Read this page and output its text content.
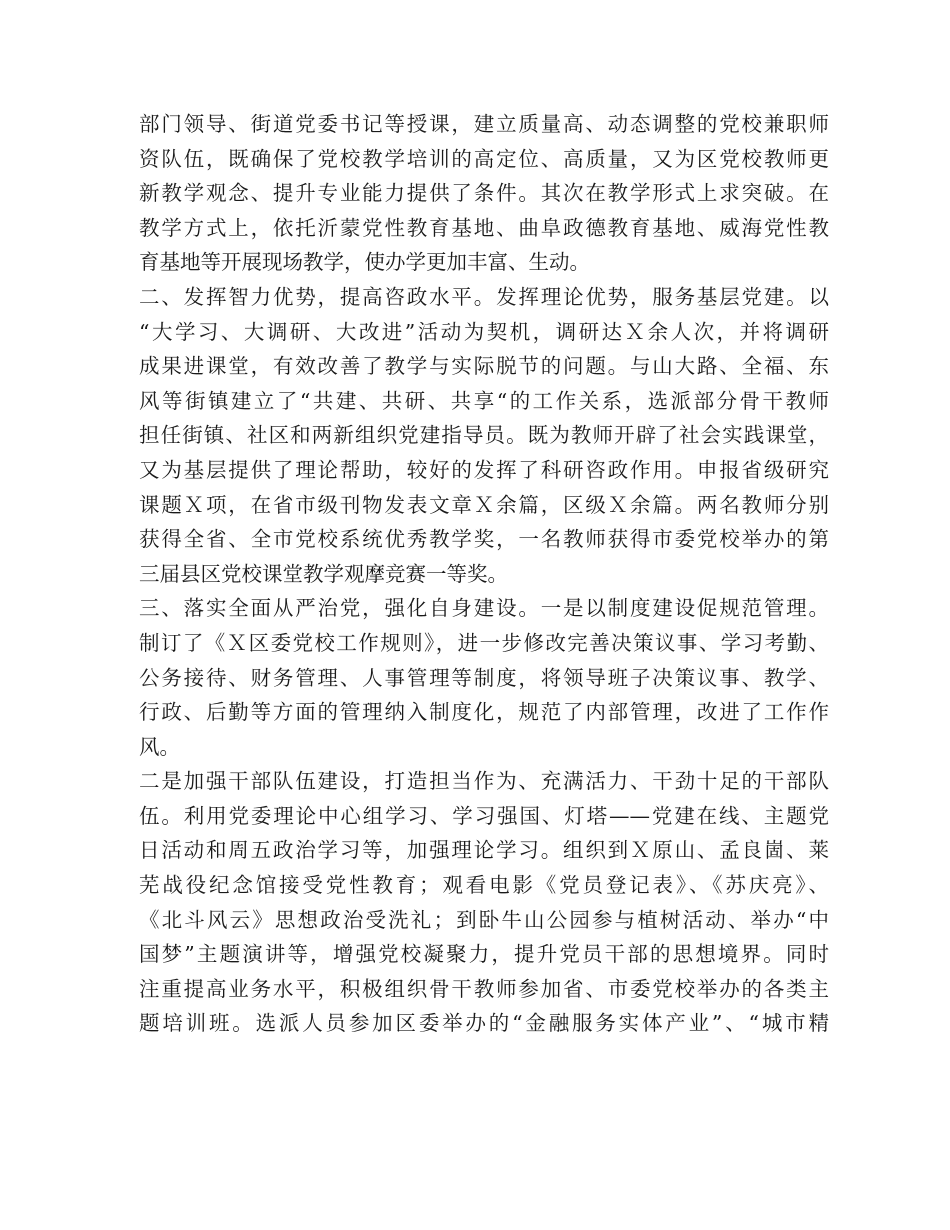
部门领导、街道党委书记等授课，建立质量高、动态调整的党校兼职师
资队伍，既确保了党校教学培训的高定位、高质量，又为区党校教师更
新教学观念、提升专业能力提供了条件。其次在教学形式上求突破。在
教学方式上，依托沂蒙党性教育基地、曲阜政德教育基地、威海党性教
育基地等开展现场教学，使办学更加丰富、生动。
二、发挥智力优势，提高咨政水平。发挥理论优势，服务基层党建。以
“大学习、大调研、大改进”活动为契机，调研达Ｘ余人次，并将调研
成果进课堂，有效改善了教学与实际脱节的问题。与山大路、全福、东
风等街镇建立了“共建、共研、共享“的工作关系，选派部分骨干教师
担任街镇、社区和两新组织党建指导员。既为教师开辟了社会实践课堂，
又为基层提供了理论帮助，较好的发挥了科研咨政作用。申报省级研究
课题Ｘ项，在省市级刊物发表文章Ｘ余篇，区级Ｘ余篇。两名教师分别
获得全省、全市党校系统优秀教学奖，一名教师获得市委党校举办的第
三届县区党校课堂教学观摩竞赛一等奖。
三、落实全面从严治党，强化自身建设。一是以制度建设促规范管理。
制订了《Ｘ区委党校工作规则》，进一步修改完善决策议事、学习考勤、
公务接待、财务管理、人事管理等制度，将领导班子决策议事、教学、
行政、后勤等方面的管理纳入制度化，规范了内部管理，改进了工作作
风。
二是加强干部队伍建设，打造担当作为、充满活力、干劲十足的干部队
伍。利用党委理论中心组学习、学习强国、灯塔——党建在线、主题党
日活动和周五政治学习等，加强理论学习。组织到Ｘ原山、孟良崮、莱
芜战役纪念馆接受党性教育；观看电影《党员登记表》、《苏庆亮》、
《北斗风云》思想政治受洗礼；到卧牛山公园参与植树活动、举办“中
国梦”主题演讲等，增强党校凝聚力，提升党员干部的思想境界。同时
注重提高业务水平，积极组织骨干教师参加省、市委党校举办的各类主
题培训班。选派人员参加区委举办的“金融服务实体产业”、“城市精
